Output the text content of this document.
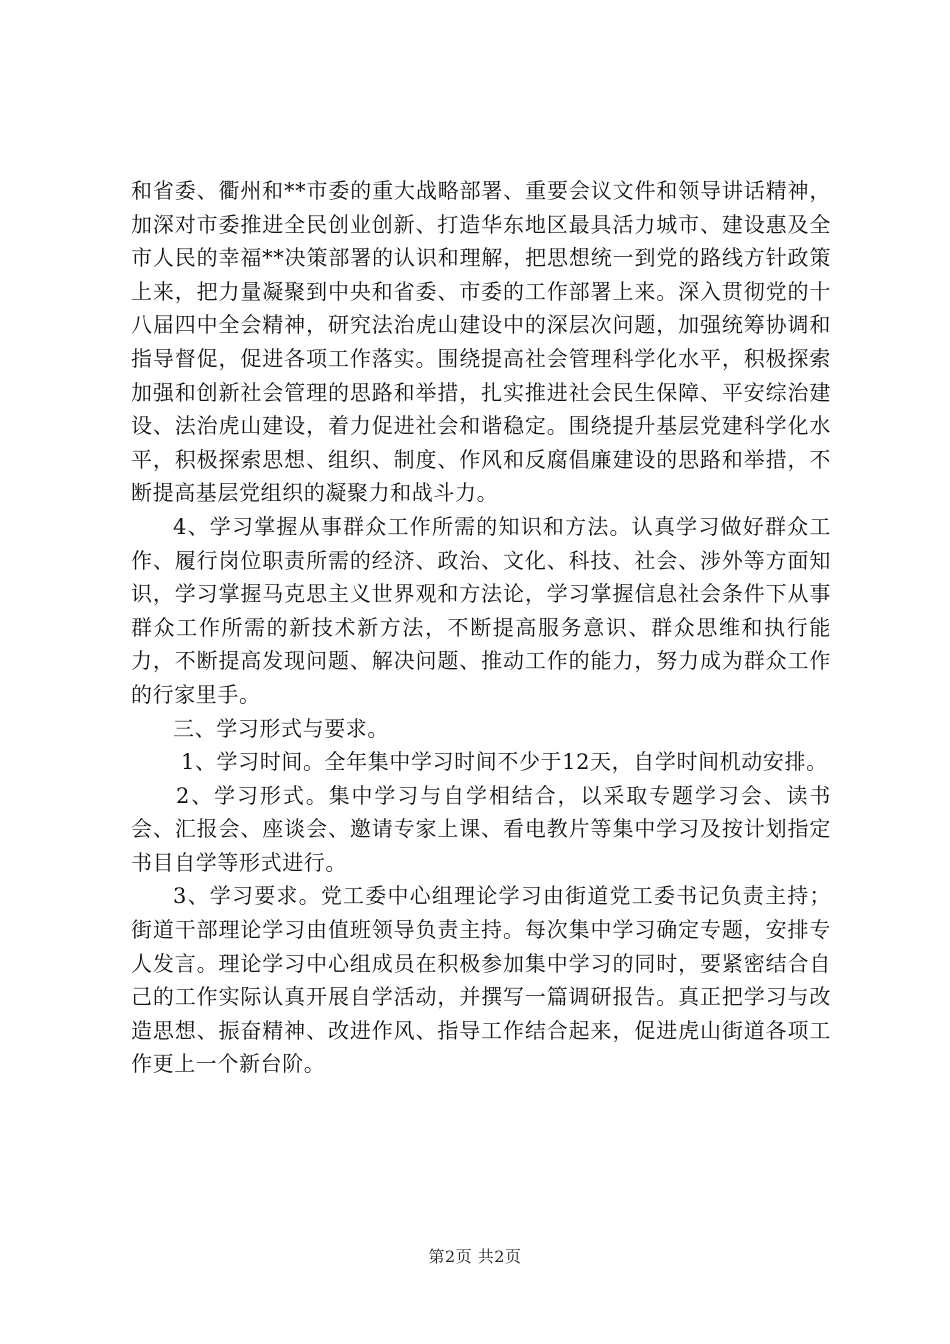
和省委、衢州和**市委的重大战略部署、重要会议文件和领导讲话精神，加深对市委推进全民创业创新、打造华东地区最具活力城市、建设惠及全市人民的幸福**决策部署的认识和理解，把思想统一到党的路线方针政策上来，把力量凝聚到中央和省委、市委的工作部署上来。深入贯彻党的十八届四中全会精神，研究法治虎山建设中的深层次问题，加强统筹协调和指导督促，促进各项工作落实。围绕提高社会管理科学化水平，积极探索加强和创新社会管理的思路和举措，扎实推进社会民生保障、平安综治建设、法治虎山建设，着力促进社会和谐稳定。围绕提升基层党建科学化水平，积极探索思想、组织、制度、作风和反腐倡廉建设的思路和举措，不断提高基层党组织的凝聚力和战斗力。

4、学习掌握从事群众工作所需的知识和方法。认真学习做好群众工作、履行岗位职责所需的经济、政治、文化、科技、社会、涉外等方面知识，学习掌握马克思主义世界观和方法论，学习掌握信息社会条件下从事群众工作所需的新技术新方法，不断提高服务意识、群众思维和执行能力，不断提高发现问题、解决问题、推动工作的能力，努力成为群众工作的行家里手。

三、学习形式与要求。

1、学习时间。全年集中学习时间不少于12天，自学时间机动安排。

2、学习形式。集中学习与自学相结合，以采取专题学习会、读书会、汇报会、座谈会、邀请专家上课、看电教片等集中学习及按计划指定书目自学等形式进行。

3、学习要求。党工委中心组理论学习由街道党工委书记负责主持；街道干部理论学习由值班领导负责主持。每次集中学习确定专题，安排专人发言。理论学习中心组成员在积极参加集中学习的同时，要紧密结合自己的工作实际认真开展自学活动，并撰写一篇调研报告。真正把学习与改造思想、振奋精神、改进作风、指导工作结合起来，促进虎山街道各项工作更上一个新台阶。

第2页 共2页
